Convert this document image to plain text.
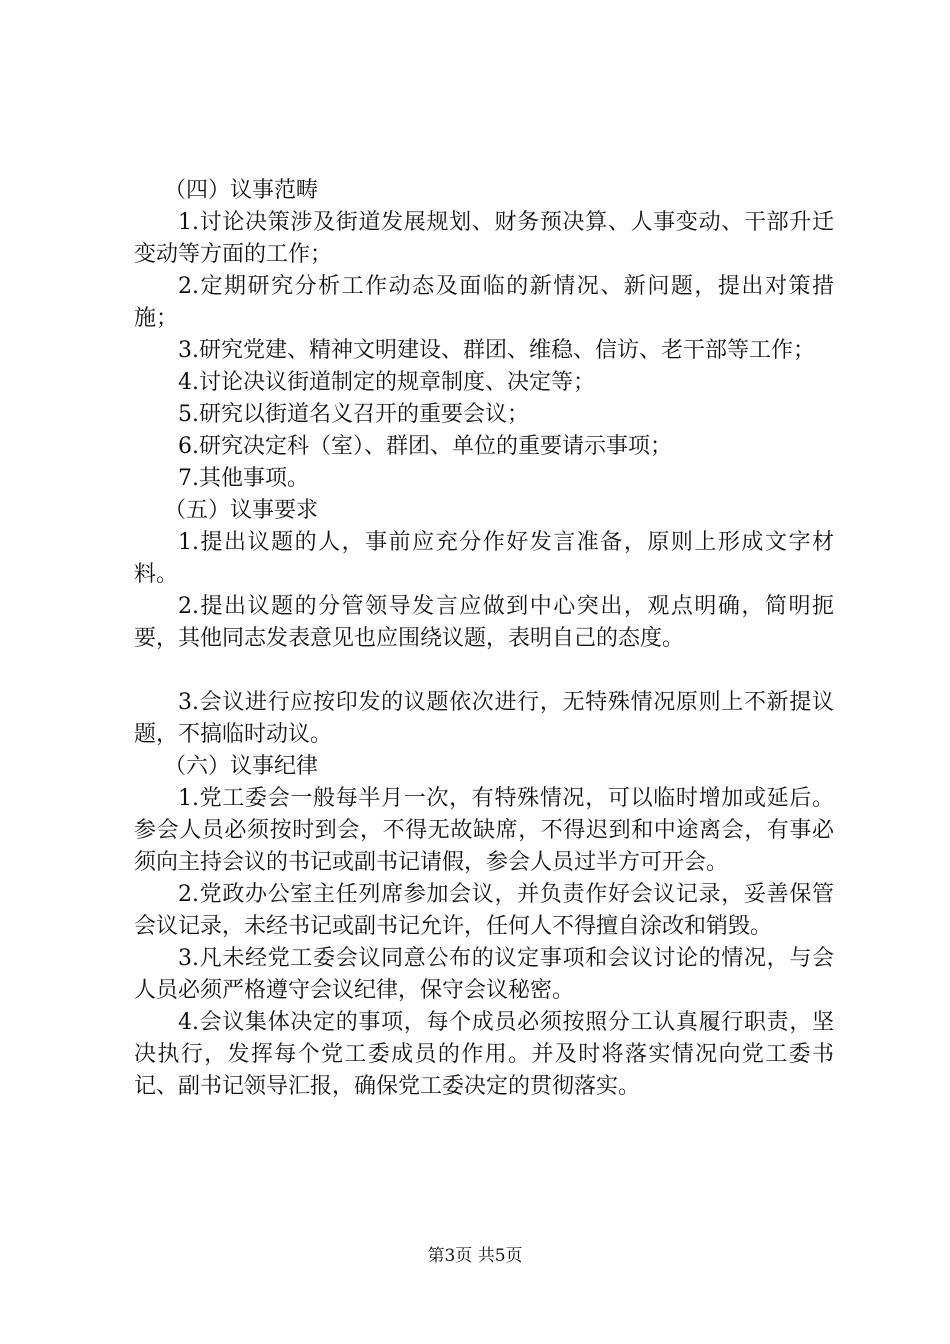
（四）议事范畴

1.讨论决策涉及街道发展规划、财务预决算、人事变动、干部升迁变动等方面的工作；

2.定期研究分析工作动态及面临的新情况、新问题，提出对策措施；

3.研究党建、精神文明建设、群团、维稳、信访、老干部等工作；

4.讨论决议街道制定的规章制度、决定等；

5.研究以街道名义召开的重要会议；

6.研究决定科（室）、群团、单位的重要请示事项；

7.其他事项。

（五）议事要求

1.提出议题的人，事前应充分作好发言准备，原则上形成文字材料。

2.提出议题的分管领导发言应做到中心突出，观点明确，简明扼要，其他同志发表意见也应围绕议题，表明自己的态度。

3.会议进行应按印发的议题依次进行，无特殊情况原则上不新提议题，不搞临时动议。

（六）议事纪律

1.党工委会一般每半月一次，有特殊情况，可以临时增加或延后。参会人员必须按时到会，不得无故缺席，不得迟到和中途离会，有事必须向主持会议的书记或副书记请假，参会人员过半方可开会。

2.党政办公室主任列席参加会议，并负责作好会议记录，妥善保管会议记录，未经书记或副书记允许，任何人不得擅自涂改和销毁。

3.凡未经党工委会议同意公布的议定事项和会议讨论的情况，与会人员必须严格遵守会议纪律，保守会议秘密。

4.会议集体决定的事项，每个成员必须按照分工认真履行职责，坚决执行，发挥每个党工委成员的作用。并及时将落实情况向党工委书记、副书记领导汇报，确保党工委决定的贯彻落实。

第3页 共5页
